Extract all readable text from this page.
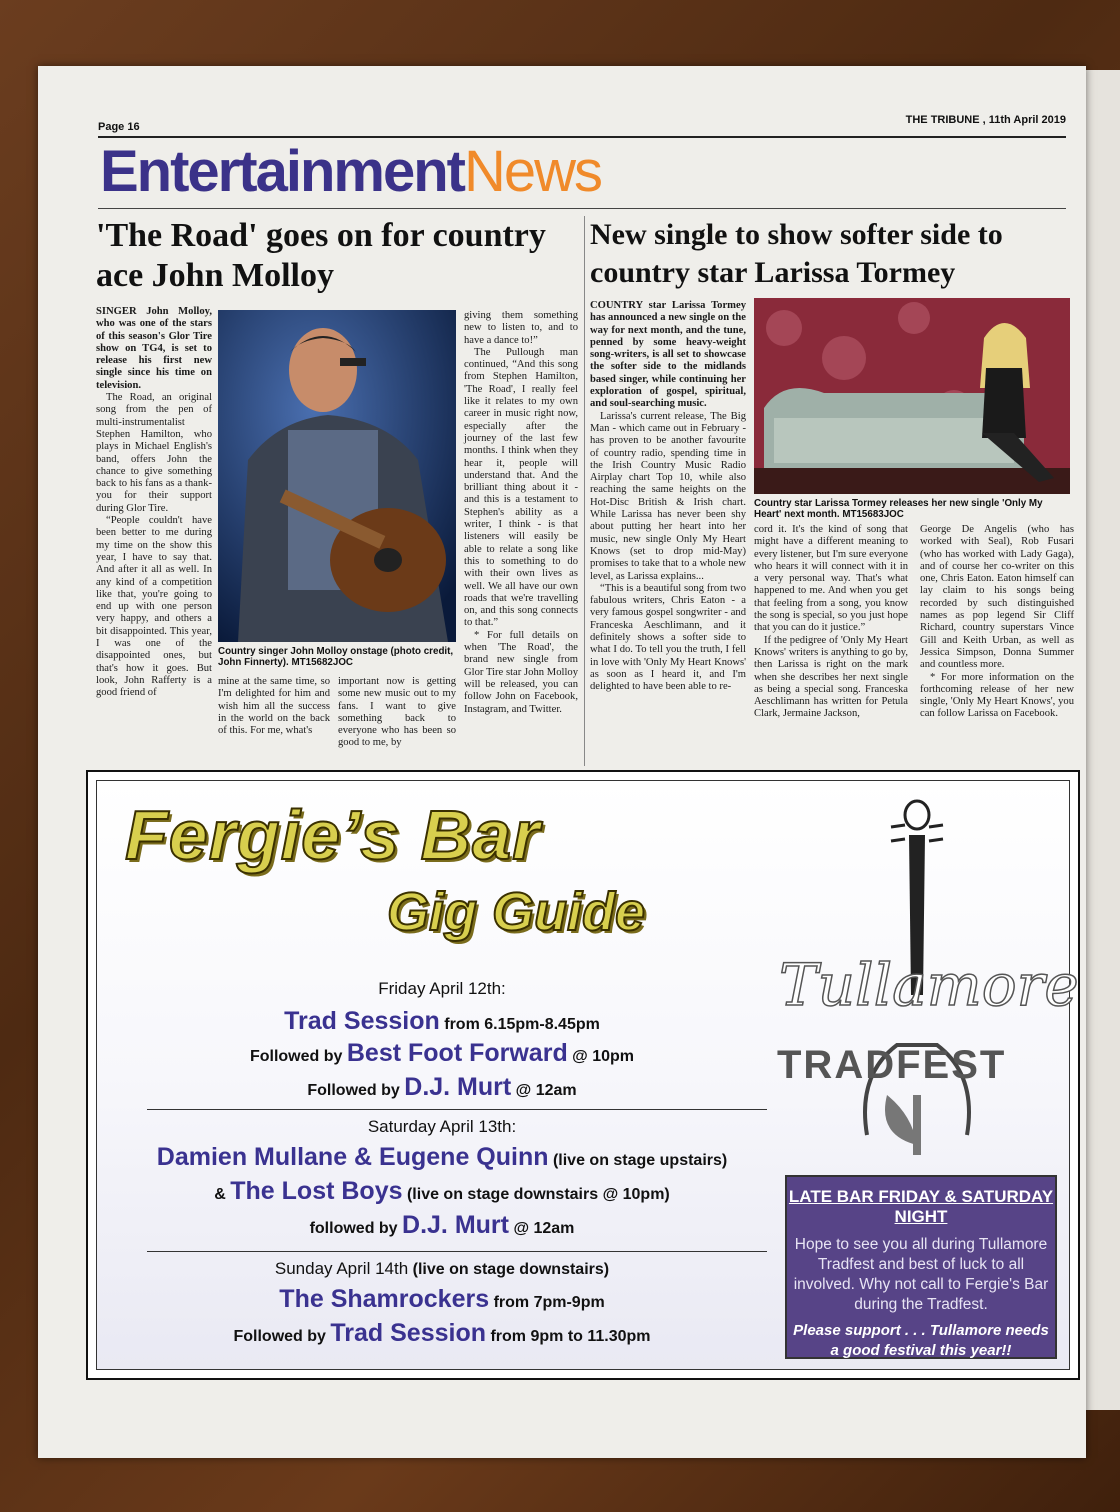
Page 16
THE TRIBUNE , 11th April 2019
EntertainmentNews
'The Road' goes on for country ace John Molloy

SINGER John Molloy, who was one of the stars of this season's Glor Tire show on TG4, is set to release his first new single since his time on television.

The Road, an original song from the pen of multi-instrumentalist Stephen Hamilton, who plays in Michael English's band, offers John the chance to give something back to his fans as a thank-you for their support during Glor Tire.

“People couldn't have been better to me during my time on the show this year, I have to say that. And after it all as well. In any kind of a competition like that, you're going to end up with one person very happy, and others a bit disappointed. This year, I was one of the disappointed ones, but that's how it goes. But look, John Rafferty is a good friend of

Country singer John Molloy onstage (photo credit, John Finnerty). MT15682JOC

mine at the same time, so I'm delighted for him and wish him all the success in the world on the back of this. For me, what's

important now is getting some new music out to my fans. I want to give something back to everyone who has been so good to me, by

giving them something new to listen to, and to have a dance to!”

The Pullough man continued, “And this song from Stephen Hamilton, 'The Road', I really feel like it relates to my own career in music right now, especially after the journey of the last few months. I think when they hear it, people will understand that. And the brilliant thing about it - and this is a testament to Stephen's ability as a writer, I think - is that listeners will easily be able to relate a song like this to something to do with their own lives as well. We all have our own roads that we're travelling on, and this song connects to that.”

* For full details on when 'The Road', the brand new single from Glor Tire star John Molloy will be released, you can follow John on Facebook, Instagram, and Twitter.

New single to show softer side to country star Larissa Tormey

COUNTRY star Larissa Tormey has announced a new single on the way for next month, and the tune, penned by some heavy-weight song-writers, is all set to showcase the softer side to the midlands based singer, while continuing her exploration of gospel, spiritual, and soul-searching music.

Larissa's current release, The Big Man - which came out in February - has proven to be another favourite of country radio, spending time in the Irish Country Music Radio Airplay chart Top 10, while also reaching the same heights on the Hot-Disc British & Irish chart. While Larissa has never been shy about putting her heart into her music, new single Only My Heart Knows (set to drop mid-May) promises to take that to a whole new level, as Larissa explains...

“This is a beautiful song from two fabulous writers, Chris Eaton - a very famous gospel songwriter - and Franceska Aeschlimann, and it definitely shows a softer side to what I do. To tell you the truth, I fell in love with 'Only My Heart Knows' as soon as I heard it, and I'm delighted to have been able to re-

Country star Larissa Tormey releases her new single 'Only My Heart' next month. MT15683JOC

cord it. It's the kind of song that might have a different meaning to every listener, but I'm sure everyone who hears it will connect with it in a very personal way. That's what happened to me. And when you get that feeling from a song, you know the song is special, so you just hope that you can do it justice.”

If the pedigree of 'Only My Heart Knows' writers is anything to go by, then Larissa is right on the mark when she describes her next single as being a special song. Franceska Aeschlimann has written for Petula Clark, Jermaine Jackson,

George De Angelis (who has worked with Seal), Rob Fusari (who has worked with Lady Gaga), and of course her co-writer on this one, Chris Eaton. Eaton himself can lay claim to his songs being recorded by such distinguished names as pop legend Sir Cliff Richard, country superstars Vince Gill and Keith Urban, as well as Jessica Simpson, Donna Summer and countless more.

* For more information on the forthcoming release of her new single, 'Only My Heart Knows', you can follow Larissa on Facebook.

Fergie’s Bar
Gig Guide
Friday April 12th:
Trad Session from 6.15pm-8.45pm
Followed by Best Foot Forward @ 10pm
Followed by D.J. Murt @ 12am
Saturday April 13th:
Damien Mullane & Eugene Quinn (live on stage upstairs)
& The Lost Boys (live on stage downstairs @ 10pm)
followed by D.J. Murt @ 12am
Sunday April 14th (live on stage downstairs)
The Shamrockers from 7pm-9pm
Followed by Trad Session from 9pm to 11.30pm
Tullamore
TRADFEST
LATE BAR FRIDAY & SATURDAY NIGHT
Hope to see you all during Tullamore Tradfest and best of luck to all involved. Why not call to Fergie's Bar during the Tradfest.
Please support . . . Tullamore needs a good festival this year!!
